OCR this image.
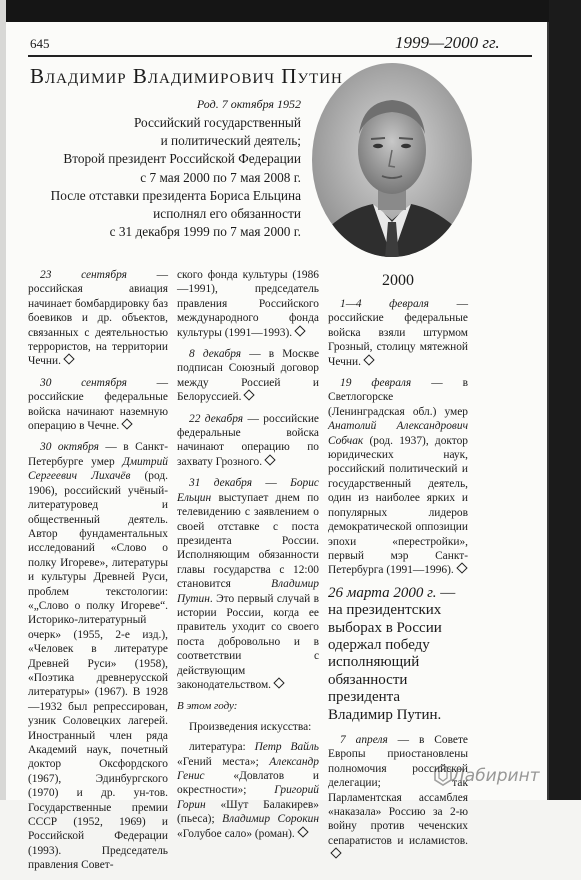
645	1999—2000 гг.
Владимир Владимирович Путин
Род. 7 октября 1952
Российский государственный
и политический деятель;
Второй президент Российской Федерации
с 7 мая 2000 по 7 мая 2008 г.
После отставки президента Бориса Ельцина
исполнял его обязанности
с 31 декабря 1999 по 7 мая 2000 г.

23 сентября — российская авиация начинает бомбардировку баз боевиков и др. объектов, связанных с деятельностью террористов, на территории Чечни.

30 сентября — российские федеральные войска начинают наземную операцию в Чечне.

30 октября — в Санкт-Петербурге умер Дмитрий Сергеевич Лихачёв (род. 1906), российский учёный-литературовед и общественный деятель. Автор фундаментальных исследований «Слово о полку Игореве», литературы и культуры Древней Руси, проблем текстологии: «„Слово о полку Игореве“. Историко-литературный очерк» (1955, 2-е изд.), «Человек в литературе Древней Руси» (1958), «Поэтика древнерусской литературы» (1967). В 1928—1932 был репрессирован, узник Соловецких лагерей. Иностранный член ряда Академий наук, почетный доктор Оксфордского (1967), Эдинбургского (1970) и др. ун-тов. Государственные премии СССР (1952, 1969) и Российской Федерации (1993). Председатель правления Совет-

ского фонда культуры (1986—1991), председатель правления Российского международного фонда культуры (1991—1993).

8 декабря — в Москве подписан Союзный договор между Россией и Белоруссией.

22 декабря — российские федеральные войска начинают операцию по захвату Грозного.

31 декабря — Борис Ельцин выступает днем по телевидению с заявлением о своей отставке с поста президента России. Исполняющим обязанности главы государства с 12:00 становится Владимир Путин. Это первый случай в истории России, когда ее правитель уходит со своего поста добровольно и в соответствии с действующим законодательством.

В этом году:

Произведения искусства:

литература: Петр Вайль «Гений места»; Александр Генис «Довлатов и окрестности»; Григорий Горин «Шут Балакирев» (пьеса); Владимир Сорокин «Голубое сало» (роман).

2000

1—4 февраля — российские федеральные войска взяли штурмом Грозный, столицу мятежной Чечни.

19 февраля — в Светлогорске (Ленинградская обл.) умер Анатолий Александрович Собчак (род. 1937), доктор юридических наук, российский политический и государственный деятель, один из наиболее ярких и популярных лидеров демократической оппозиции эпохи «перестройки», первый мэр Санкт-Петербурга (1991—1996).

26 марта 2000 г. — на президентских выборах в России одержал победу исполняющий обязанности президента Владимир Путин.

7 апреля — в Совете Европы приостановлены полномочия российской делегации; так Парламентская ассамблея «наказала» Россию за 2-ю войну против чеченских сепаратистов и исламистов.

Лабиринт
